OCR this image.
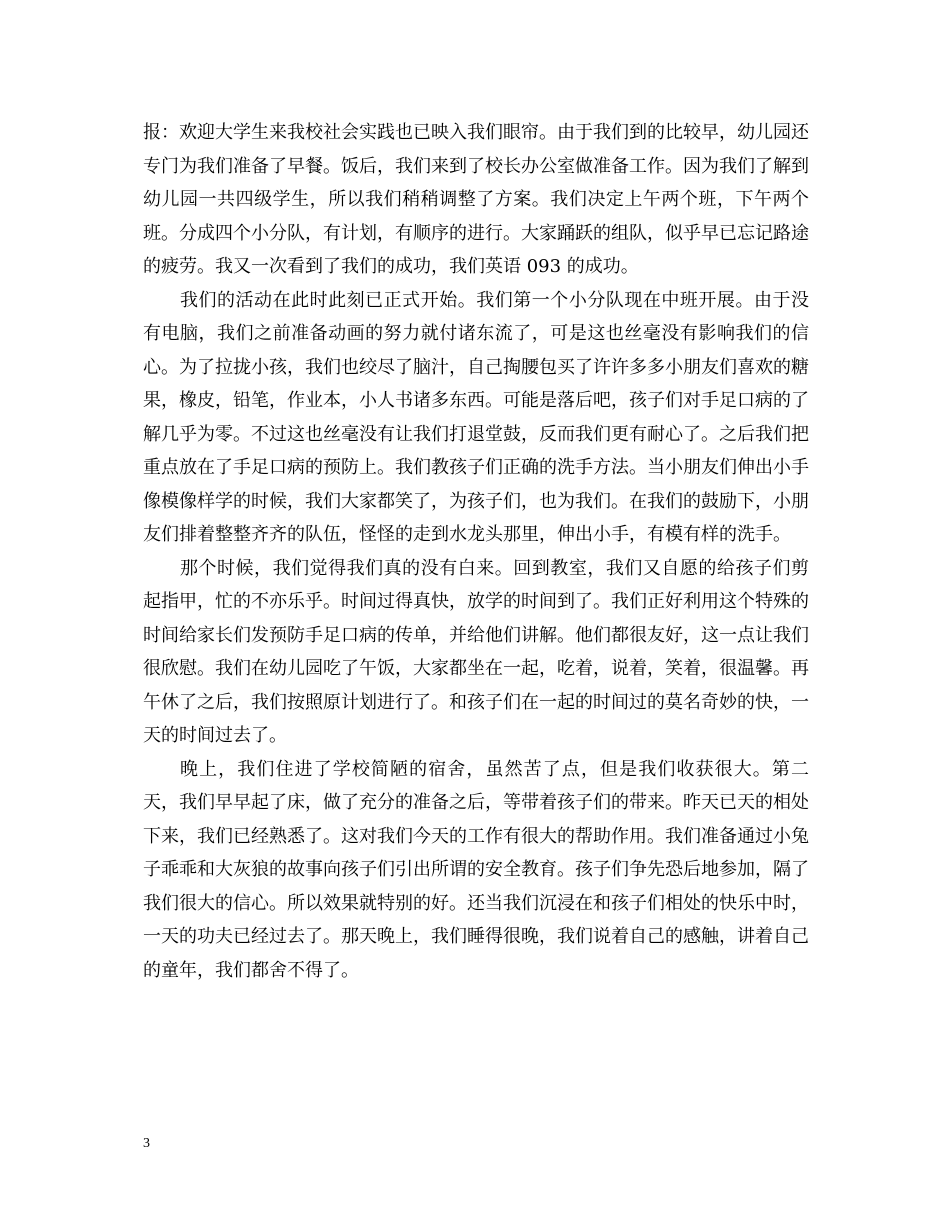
报：欢迎大学生来我校社会实践也已映入我们眼帘。由于我们到的比较早，幼儿园还专门为我们准备了早餐。饭后，我们来到了校长办公室做准备工作。因为我们了解到幼儿园一共四级学生，所以我们稍稍调整了方案。我们决定上午两个班，下午两个班。分成四个小分队，有计划，有顺序的进行。大家踊跃的组队，似乎早已忘记路途的疲劳。我又一次看到了我们的成功，我们英语 093 的成功。

我们的活动在此时此刻已正式开始。我们第一个小分队现在中班开展。由于没有电脑，我们之前准备动画的努力就付诸东流了，可是这也丝毫没有影响我们的信心。为了拉拢小孩，我们也绞尽了脑汁，自己掏腰包买了许许多多小朋友们喜欢的糖果，橡皮，铅笔，作业本，小人书诸多东西。可能是落后吧，孩子们对手足口病的了解几乎为零。不过这也丝毫没有让我们打退堂鼓，反而我们更有耐心了。之后我们把重点放在了手足口病的预防上。我们教孩子们正确的洗手方法。当小朋友们伸出小手像模像样学的时候，我们大家都笑了，为孩子们，也为我们。在我们的鼓励下，小朋友们排着整整齐齐的队伍，怪怪的走到水龙头那里，伸出小手，有模有样的洗手。

那个时候，我们觉得我们真的没有白来。回到教室，我们又自愿的给孩子们剪起指甲，忙的不亦乐乎。时间过得真快，放学的时间到了。我们正好利用这个特殊的时间给家长们发预防手足口病的传单，并给他们讲解。他们都很友好，这一点让我们很欣慰。我们在幼儿园吃了午饭，大家都坐在一起，吃着，说着，笑着，很温馨。再午休了之后，我们按照原计划进行了。和孩子们在一起的时间过的莫名奇妙的快，一天的时间过去了。

晚上，我们住进了学校简陋的宿舍，虽然苦了点，但是我们收获很大。第二天，我们早早起了床，做了充分的准备之后，等带着孩子们的带来。昨天已天的相处下来，我们已经熟悉了。这对我们今天的工作有很大的帮助作用。我们准备通过小兔子乖乖和大灰狼的故事向孩子们引出所谓的安全教育。孩子们争先恐后地参加，隔了我们很大的信心。所以效果就特别的好。还当我们沉浸在和孩子们相处的快乐中时，一天的功夫已经过去了。那天晚上，我们睡得很晚，我们说着自己的感触，讲着自己的童年，我们都舍不得了。

3
